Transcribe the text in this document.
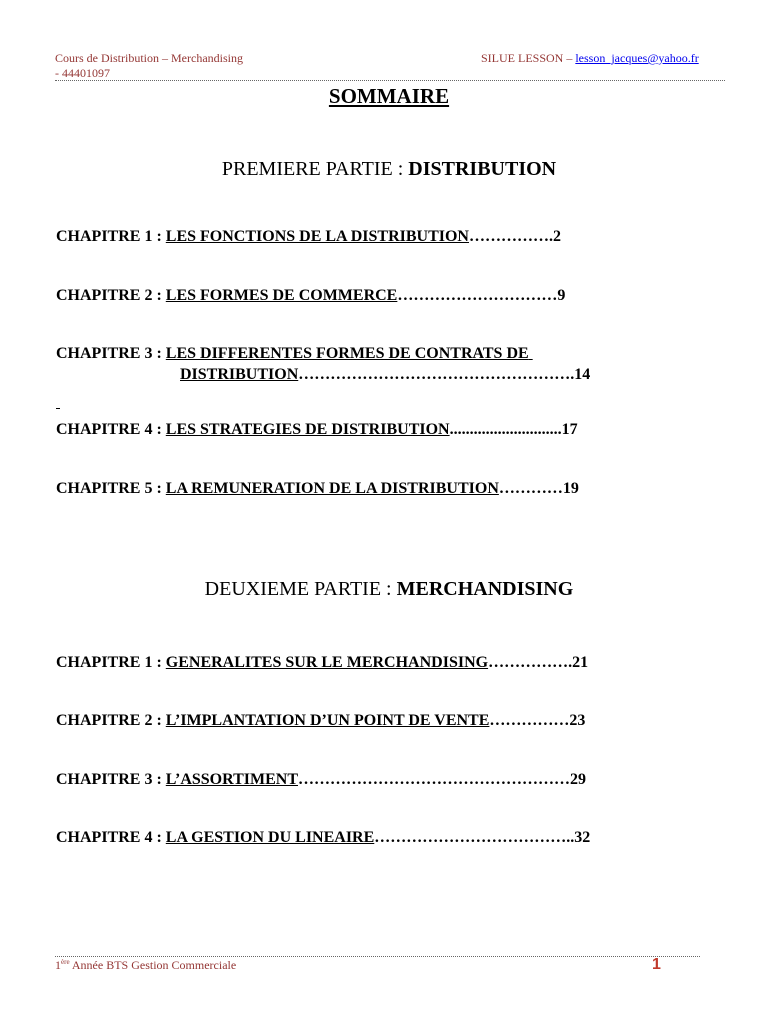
Cours de Distribution – Merchandising
- 44401097
SILUE LESSON – lesson_jacques@yahoo.fr
SOMMAIRE
PREMIERE PARTIE : DISTRIBUTION
CHAPITRE 1 : LES FONCTIONS DE LA DISTRIBUTION…………….2
CHAPITRE 2 : LES FORMES DE COMMERCE…………………………9
CHAPITRE 3 : LES DIFFERENTES FORMES DE CONTRATS DE
DISTRIBUTION…………………………………………….14
CHAPITRE 4 : LES STRATEGIES DE DISTRIBUTION............................17
CHAPITRE 5 : LA REMUNERATION DE LA DISTRIBUTION…………19
DEUXIEME PARTIE : MERCHANDISING
CHAPITRE 1 : GENERALITES SUR LE MERCHANDISING…………….21
CHAPITRE 2 : L’IMPLANTATION D’UN POINT DE VENTE……………23
CHAPITRE 3 : L’ASSORTIMENT……………………………………………29
CHAPITRE 4 : LA GESTION DU LINEAIRE………………………………..32
1ère Année BTS Gestion Commerciale	1
